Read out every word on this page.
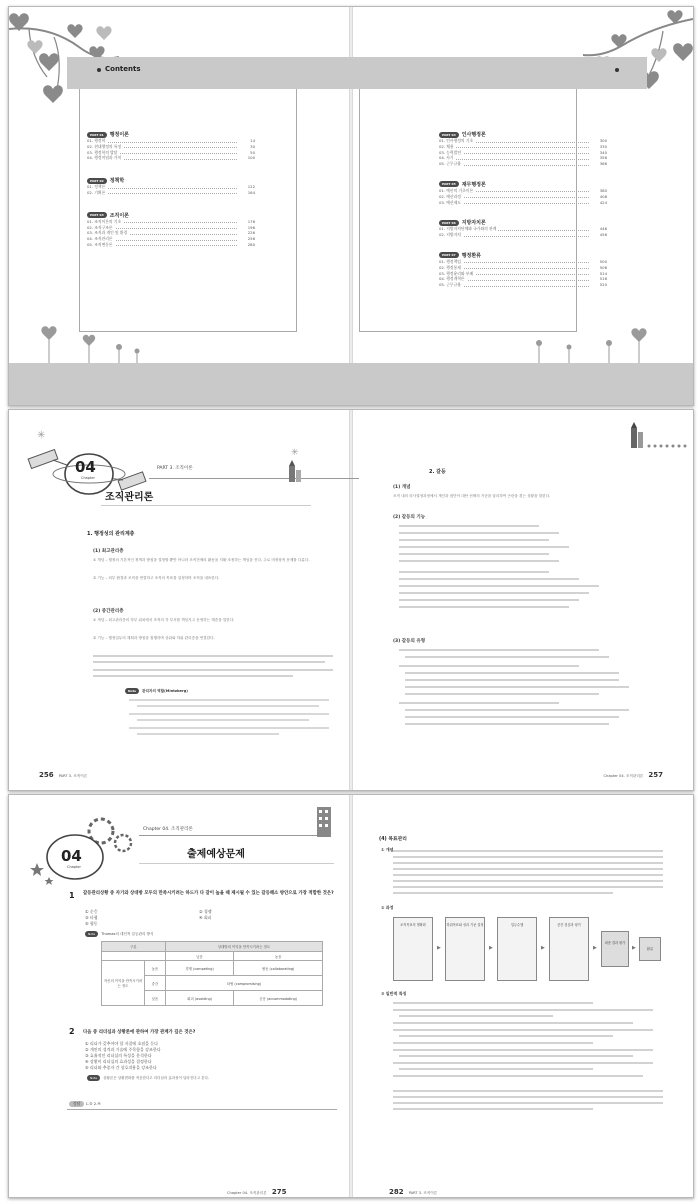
Contents
PART 01 행정이론
01. 행정학	14
02. 현대행정의 특징	30
03. 행정학의 발달	50
04. 행정이념과 가치	100
PART 02 정책학
01. 정책론	122
02. 기획론	164
PART 03 조직이론
01. 조직이론의 기초	176
02. 조직구조론	196
03. 조직과 개인 및 환경	226
04. 조직관리론	256
05. 조직변동론	280
PART 04 인사행정론
01. 인사행정의 기초	300
02. 채용	330
03. 능력발전	340
04. 사기	356
05. 근무규율	366
PART 05 재무행정론
01. 예산의 기초이론	380
02. 예산과정	408
03. 예산제도	424
PART 06 지방자치론
01. 지방자치단체와 국가와의 관계	446
02. 지방자치	456
PART 07 행정환류
01. 행정책임	500
02. 행정통제	506
03. 행정윤리와 부패	514
04. 행정개혁론	516
05. 근무규율	520
04
Chapter
✳
PART 3. 조직이론
✳
조직관리론
1. 행정성의 관리계층
(1) 최고관리층
① 개념 – 행정의 기본적인 정책과 방침을 결정할 뿐만 아니라 조직전체의 활동을 지휘·조정하는 책임을 진다. 주로 비정형적 문제를 다룬다.
② 기능 – 외부 환경과 조직을 연결하고 조직의 목표를 설정하며 조직을 대표한다.
(2) 중간관리층
① 개념 – 최고관리층의 하부 위치에서 조직의 각 부서를 책임지고 운영하는 계층을 말한다.
② 기능 – 행정업무의 계획과 방침을 집행하며 상위와 하위 관리층을 연결한다.
Note 관리자의 역할(Mintzberg)
256 PART 3. 조직이론
2. 갈등
(1) 개념
조직 내의 의사결정과정에서 개인과 집단이 대안 선택의 기준을 달리하여 곤란을 겪는 상황을 말한다.
(2) 갈등의 기능
(3) 갈등의 유형
Chapter 04. 조직관리론 257
04
Chapter
Chapter 04. 조직관리론
출제예상문제
1 갈등관리상황 중 자기와 상대방 모두의 만족시키려는 하드가 다 같이 높을 때 제시될 수 있는 갈등해소 방안으로 가장 적합한 것은?
① 순응
③ 타협
⑤ 협동
② 경쟁
④ 회피
Note Thomas의 대인적 갈등관리 방식
구분		상대방의 이익을 만족시키려는 정도	
		낮음	높음
자신의 이익을 만족시키려는 정도	높음	경쟁 (competing)	협동 (collaborating)
	중간	타협 (compromising)	
	낮음	회피 (avoiding)	순응 (accommodating)
2 다음 중 리더십과 상황론에 관하여 가장 관계가 깊은 것은?
① 리더가 갖추어야 할 자질에 초점을 둔다
② 개인의 성격과 기술에 주목함을 강조한다
③ 효율적인 리더십의 특성을 분석한다
④ 상황이 리더십의 효과성을 결정한다
⑤ 리더와 추종자 간 상호작용을 강조한다
Note 상황론은 상황변화를 적응한다고 리더십의 효과성이 달라진다고 본다.
정답 1.⑤ 2.④
Chapter 04. 조직관리론 275
(4) 목표관리
① 개념
② 과정
조직목표의 명확화
▶
하위목표와 성과 기준 설정
▶
업무수행
▶
중간 점검과 평가
▶
최종 결과 평가
▶	환류
③ 일반적 특징
282 PART 3. 조직이론
